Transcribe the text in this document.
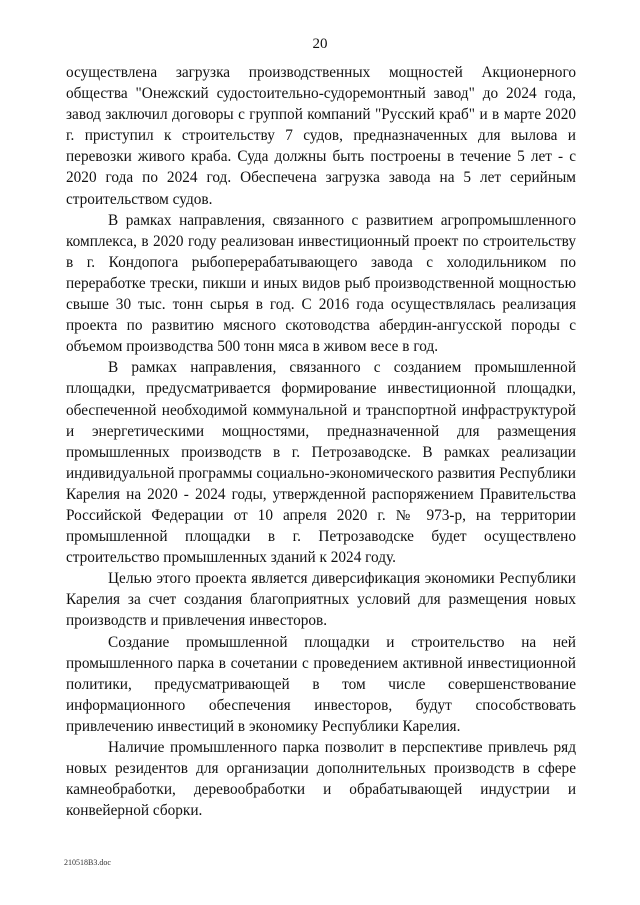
20

осуществлена загрузка производственных мощностей Акционерного общества "Онежский судостоительно-судоремонтный завод" до 2024 года, завод заключил договоры с группой компаний "Русский краб" и в марте 2020 г. приступил к строительству 7 судов, предназначенных для вылова и перевозки живого краба. Суда должны быть построены в течение 5 лет - с 2020 года по 2024 год. Обеспечена загрузка завода на 5 лет серийным строительством судов.

В рамках направления, связанного с развитием агропромышленного комплекса, в 2020 году реализован инвестиционный проект по строительству в г. Кондопога рыбоперерабатывающего завода с холодильником по переработке трески, пикши и иных видов рыб производственной мощностью свыше 30 тыс. тонн сырья в год. С 2016 года осуществлялась реализация проекта по развитию мясного скотоводства абердин-ангусской породы с объемом производства 500 тонн мяса в живом весе в год.

В рамках направления, связанного с созданием промышленной площадки, предусматривается формирование инвестиционной площадки, обеспеченной необходимой коммунальной и транспортной инфраструктурой и энергетическими мощностями, предназначенной для размещения промышленных производств в г. Петрозаводске. В рамках реализации индивидуальной программы социально-экономического развития Республики Карелия на 2020 - 2024 годы, утвержденной распоряжением Правительства Российской Федерации от 10 апреля 2020 г. № 973-р, на территории промышленной площадки в г. Петрозаводске будет осуществлено строительство промышленных зданий к 2024 году.

Целью этого проекта является диверсификация экономики Республики Карелия за счет создания благоприятных условий для размещения новых производств и привлечения инвесторов.

Создание промышленной площадки и строительство на ней промышленного парка в сочетании с проведением активной инвестиционной политики, предусматривающей в том числе совершенствование информационного обеспечения инвесторов, будут способствовать привлечению инвестиций в экономику Республики Карелия.

Наличие промышленного парка позволит в перспективе привлечь ряд новых резидентов для организации дополнительных производств в сфере камнеобработки, деревообработки и обрабатывающей индустрии и конвейерной сборки.

210518B3.doc
